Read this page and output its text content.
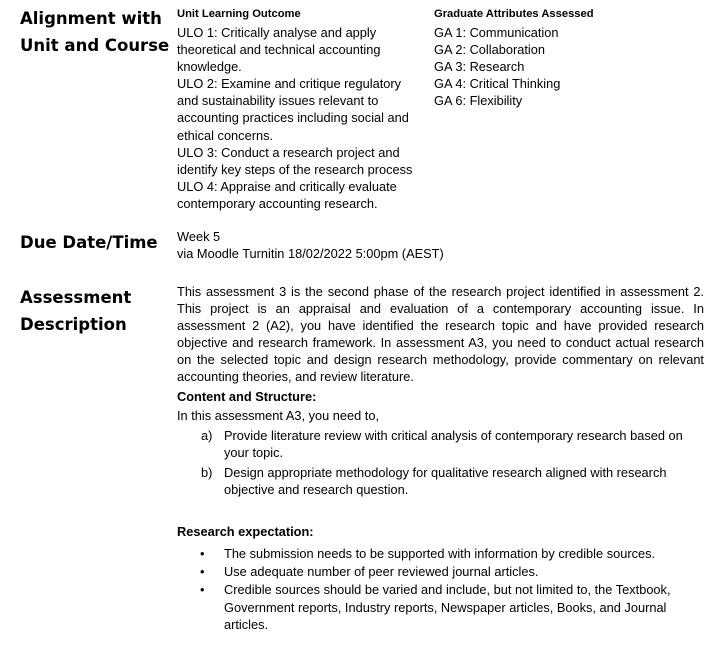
Alignment with
Unit and Course
Unit Learning Outcome
ULO 1: Critically analyse and apply
theoretical and technical accounting
knowledge.
ULO 2: Examine and critique regulatory
and sustainability issues relevant to
accounting practices including social and
ethical concerns.
ULO 3: Conduct a research project and
identify key steps of the research process
ULO 4: Appraise and critically evaluate
contemporary accounting research.
Graduate Attributes Assessed
GA 1: Communication
GA 2: Collaboration
GA 3: Research
GA 4: Critical Thinking
GA 6: Flexibility
Due Date/Time Week 5
via Moodle Turnitin 18/02/2022 5:00pm (AEST)
Assessment
Description
This assessment 3 is the second phase of the research project identified in assessment 2. This project is an appraisal and evaluation of a contemporary accounting issue. In assessment 2 (A2), you have identified the research topic and have provided research objective and research framework. In assessment A3, you need to conduct actual research on the selected topic and design research methodology, provide commentary on relevant accounting theories, and review literature.
Content and Structure:
In this assessment A3, you need to,
a) Provide literature review with critical analysis of contemporary research based on your topic.
b) Design appropriate methodology for qualitative research aligned with research objective and research question.
Research expectation:
• The submission needs to be supported with information by credible sources.
• Use adequate number of peer reviewed journal articles.
• Credible sources should be varied and include, but not limited to, the Textbook, Government reports, Industry reports, Newspaper articles, Books, and Journal articles.
